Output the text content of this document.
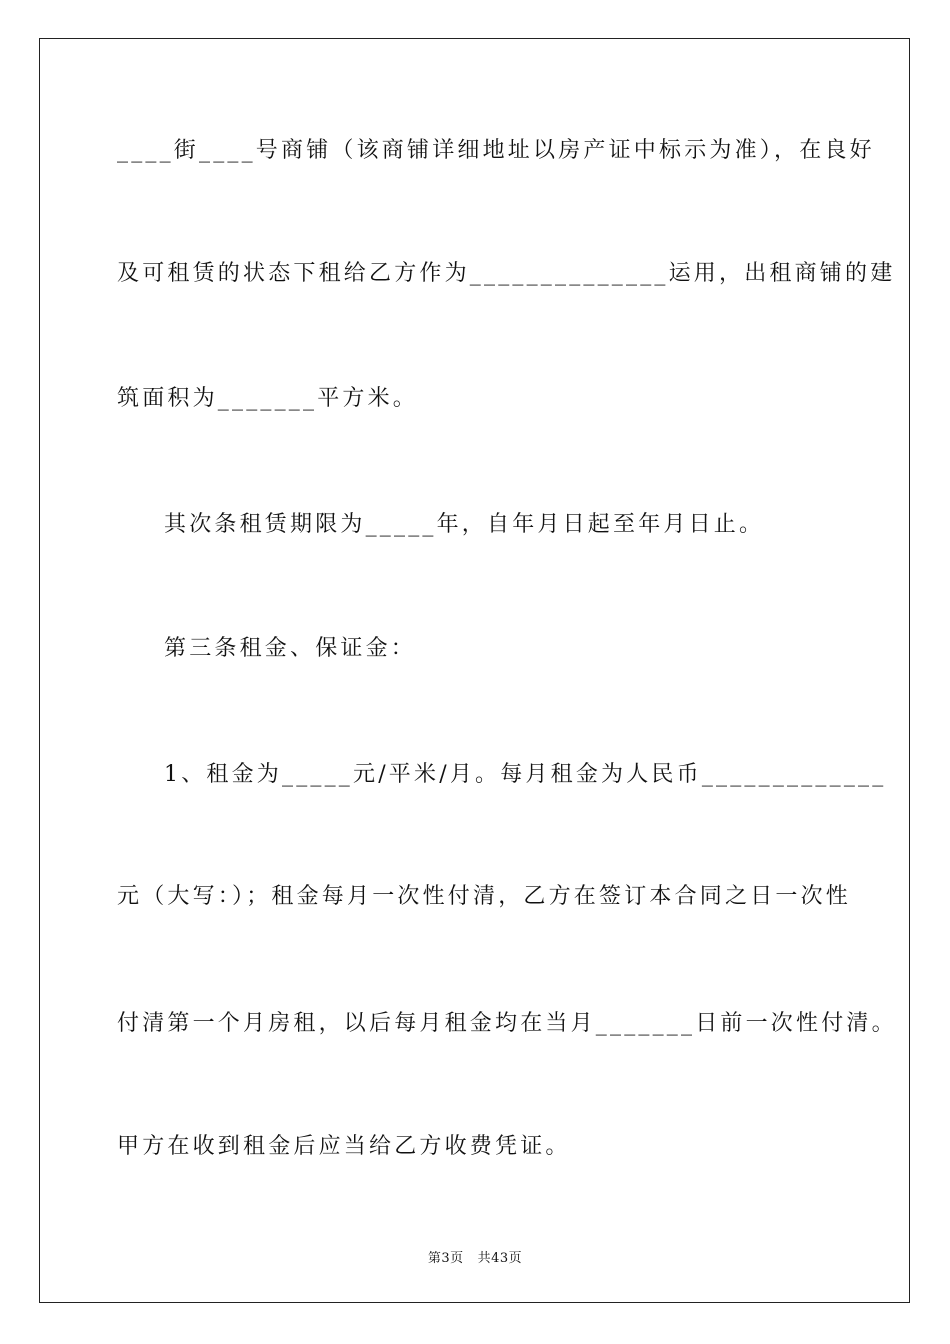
____街____号商铺（该商铺详细地址以房产证中标示为准），在良好
及可租赁的状态下租给乙方作为______________运用，出租商铺的建
筑面积为_______平方米。
其次条租赁期限为_____年，自年月日起至年月日止。
第三条租金、保证金：
1、租金为_____元/平米/月。每月租金为人民币_____________
元（大写：）；租金每月一次性付清，乙方在签订本合同之日一次性
付清第一个月房租，以后每月租金均在当月_______日前一次性付清。
甲方在收到租金后应当给乙方收费凭证。
第3页 共43页
